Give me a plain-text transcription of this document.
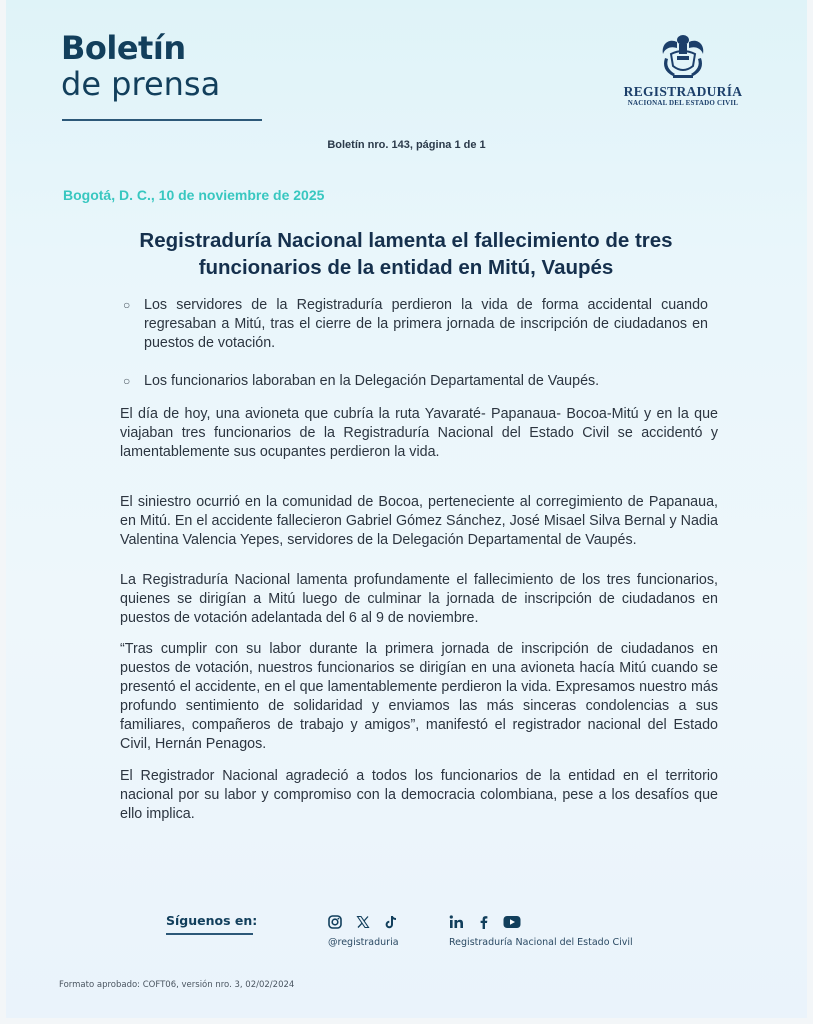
Boletín
de prensa	REGISTRADURÍA
NACIONAL DEL ESTADO CIVIL
Boletín nro. 143, página 1 de 1
Bogotá, D. C., 10 de noviembre de 2025
Registraduría Nacional lamenta el fallecimiento de tres funcionarios de la entidad en Mitú, Vaupés
○ Los servidores de la Registraduría perdieron la vida de forma accidental cuando regresaban a Mitú, tras el cierre de la primera jornada de inscripción de ciudadanos en puestos de votación.
○ Los funcionarios laboraban en la Delegación Departamental de Vaupés.
El día de hoy, una avioneta que cubría la ruta Yavaraté- Papanaua- Bocoa-Mitú y en la que viajaban tres funcionarios de la Registraduría Nacional del Estado Civil se accidentó y lamentablemente sus ocupantes perdieron la vida.
El siniestro ocurrió en la comunidad de Bocoa, perteneciente al corregimiento de Papanaua, en Mitú. En el accidente fallecieron Gabriel Gómez Sánchez, José Misael Silva Bernal y Nadia Valentina Valencia Yepes, servidores de la Delegación Departamental de Vaupés.
La Registraduría Nacional lamenta profundamente el fallecimiento de los tres funcionarios, quienes se dirigían a Mitú luego de culminar la jornada de inscripción de ciudadanos en puestos de votación adelantada del 6 al 9 de noviembre.
“Tras cumplir con su labor durante la primera jornada de inscripción de ciudadanos en puestos de votación, nuestros funcionarios se dirigían en una avioneta hacía Mitú cuando se presentó el accidente, en el que lamentablemente perdieron la vida. Expresamos nuestro más profundo sentimiento de solidaridad y enviamos las más sinceras condolencias a sus familiares, compañeros de trabajo y amigos”, manifestó el registrador nacional del Estado Civil, Hernán Penagos.
El Registrador Nacional agradeció a todos los funcionarios de la entidad en el territorio nacional por su labor y compromiso con la democracia colombiana, pese a los desafíos que ello implica.
Síguenos en:
@registraduria	Registraduría Nacional del Estado Civil
Formato aprobado: COFT06, versión nro. 3, 02/02/2024
